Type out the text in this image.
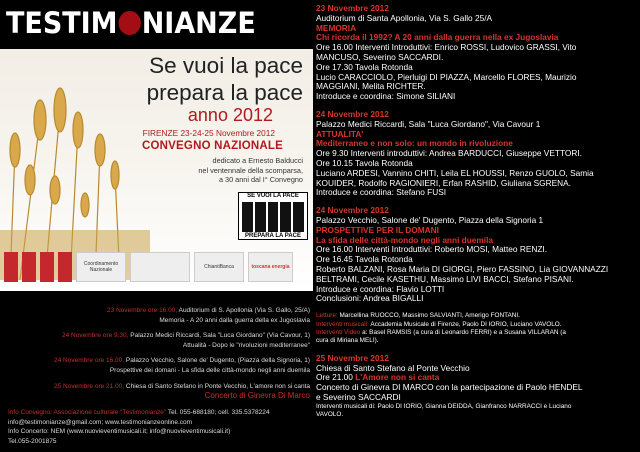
TESTIM NIANZE
Se vuoi la pace
prepara la pace
anno 2012
FIRENZE 23-24-25 Novembre 2012
CONVEGNO NAZIONALE
dedicato a Ernesto Balducci
nel ventennale della scomparsa,
a 30 anni dal I° Convegno
SE VUOI LA PACE
PREPARA LA PACE
Coordinamento Nazionale	ChiantiBanca	toscana energia
23 Novembre ore 16.00, Auditorium di S. Apollonia (Via S. Gallo, 25/A)
Memoria - A 20 anni dalla guerra della ex Jugoslavia
24 Novembre ore 9.30, Palazzo Medici Riccardi, Sala "Luca Giordano" (Via Cavour, 1)
Attualità - Dopo le "rivoluzioni mediterranee"
24 Novembre ore 16.00, Palazzo Vecchio, Salone de' Dugento, (Piazza della Signoria, 1)
Prospettive dei domani - La sfida delle città-mondo negli anni duemila
25 Novembre ore 21.00, Chiesa di Santo Stefano in Ponte Vecchio, L'amore non si canta
Concerto di Ginevra Di Marco
Info Convegno: Associazione culturale "Testimonianze" Tel. 055-688180; cell. 335.5378224
info@testimonianze@gmail.com; www.testimonianzeonline.com
Info Concerto: NEM (www.nuovieventimusicali.it; info@nuovieventimusicali.it)
Tel.055-2001875
23 Novembre 2012
Auditorium di Santa Apollonia, Via S. Gallo 25/A
MEMORIA
Chi ricorda il 1992? A 20 anni dalla guerra nella ex Jugoslavia
Ore 16.00 Interventi Introduttivi: Enrico ROSSI, Ludovico GRASSI, Vito
MANCUSO, Severino SACCARDI.
Ore 17.30 Tavola Rotonda
Lucio CARACCIOLO, Pierluigi DI PIAZZA, Marcello FLORES, Maurizio
MAGGIANI, Melita RICHTER.
Introduce e coordina: Simone SILIANI
24 Novembre 2012
Palazzo Medici Riccardi, Sala "Luca Giordano", Via Cavour 1
ATTUALITA'
Mediterraneo e non solo: un mondo in rivoluzione
Ore 9.30 Interventi introduttivi: Andrea BARDUCCI, Giuseppe VETTORI.
Ore 10.15 Tavola Rotonda
Luciano ARDESI, Vannino CHITI, Leila EL HOUSSI, Renzo GUOLO, Samia
KOUIDER, Rodolfo RAGIONIERI, Erfan RASHID, Giuliana SGRENA.
Introduce e coordina: Stefano FUSI
24 Novembre 2012
Palazzo Vecchio, Salone de' Dugento, Piazza della Signoria 1
PROSPETTIVE PER IL DOMANI
La sfida delle città-mondo negli anni duemila
Ore 16.00 Interventi Introduttivi: Roberto MOSI, Matteo RENZI.
Ore 16.45 Tavola Rotonda
Roberto BALZANI, Rosa Maria DI GIORGI, Piero FASSINO, Lia GIOVANNAZZI
BELTRAMI, Cecile KASETHU, Massimo LIVI BACCI, Stefano PISANI.
Introduce e coordina: Flavio LOTTI
Conclusioni: Andrea BIGALLI
Letture: Marcellina RUOCCO, Massimo SALVIANTI, Amerigo FONTANI.
Interventi musicali: Accademia Musicale di Firenze, Paolo DI IORIO, Luciano VAVOLO.
Interventi Video a: Basel RAMSIS (a cura di Leonardo FERRI) e a Susana VILLARAN (a
cura di Miriana MELI).
25 Novembre 2012
Chiesa di Santo Stefano al Ponte Vecchio
Ore 21.00 L'Amore non si canta
Concerto di Ginevra DI MARCO con la partecipazione di Paolo HENDEL
e Severino SACCARDI
Interventi musicali di: Paolo DI IORIO, Gianna DEIDDA, Gianfranco NARRACCI e Luciano
VAVOLO.
